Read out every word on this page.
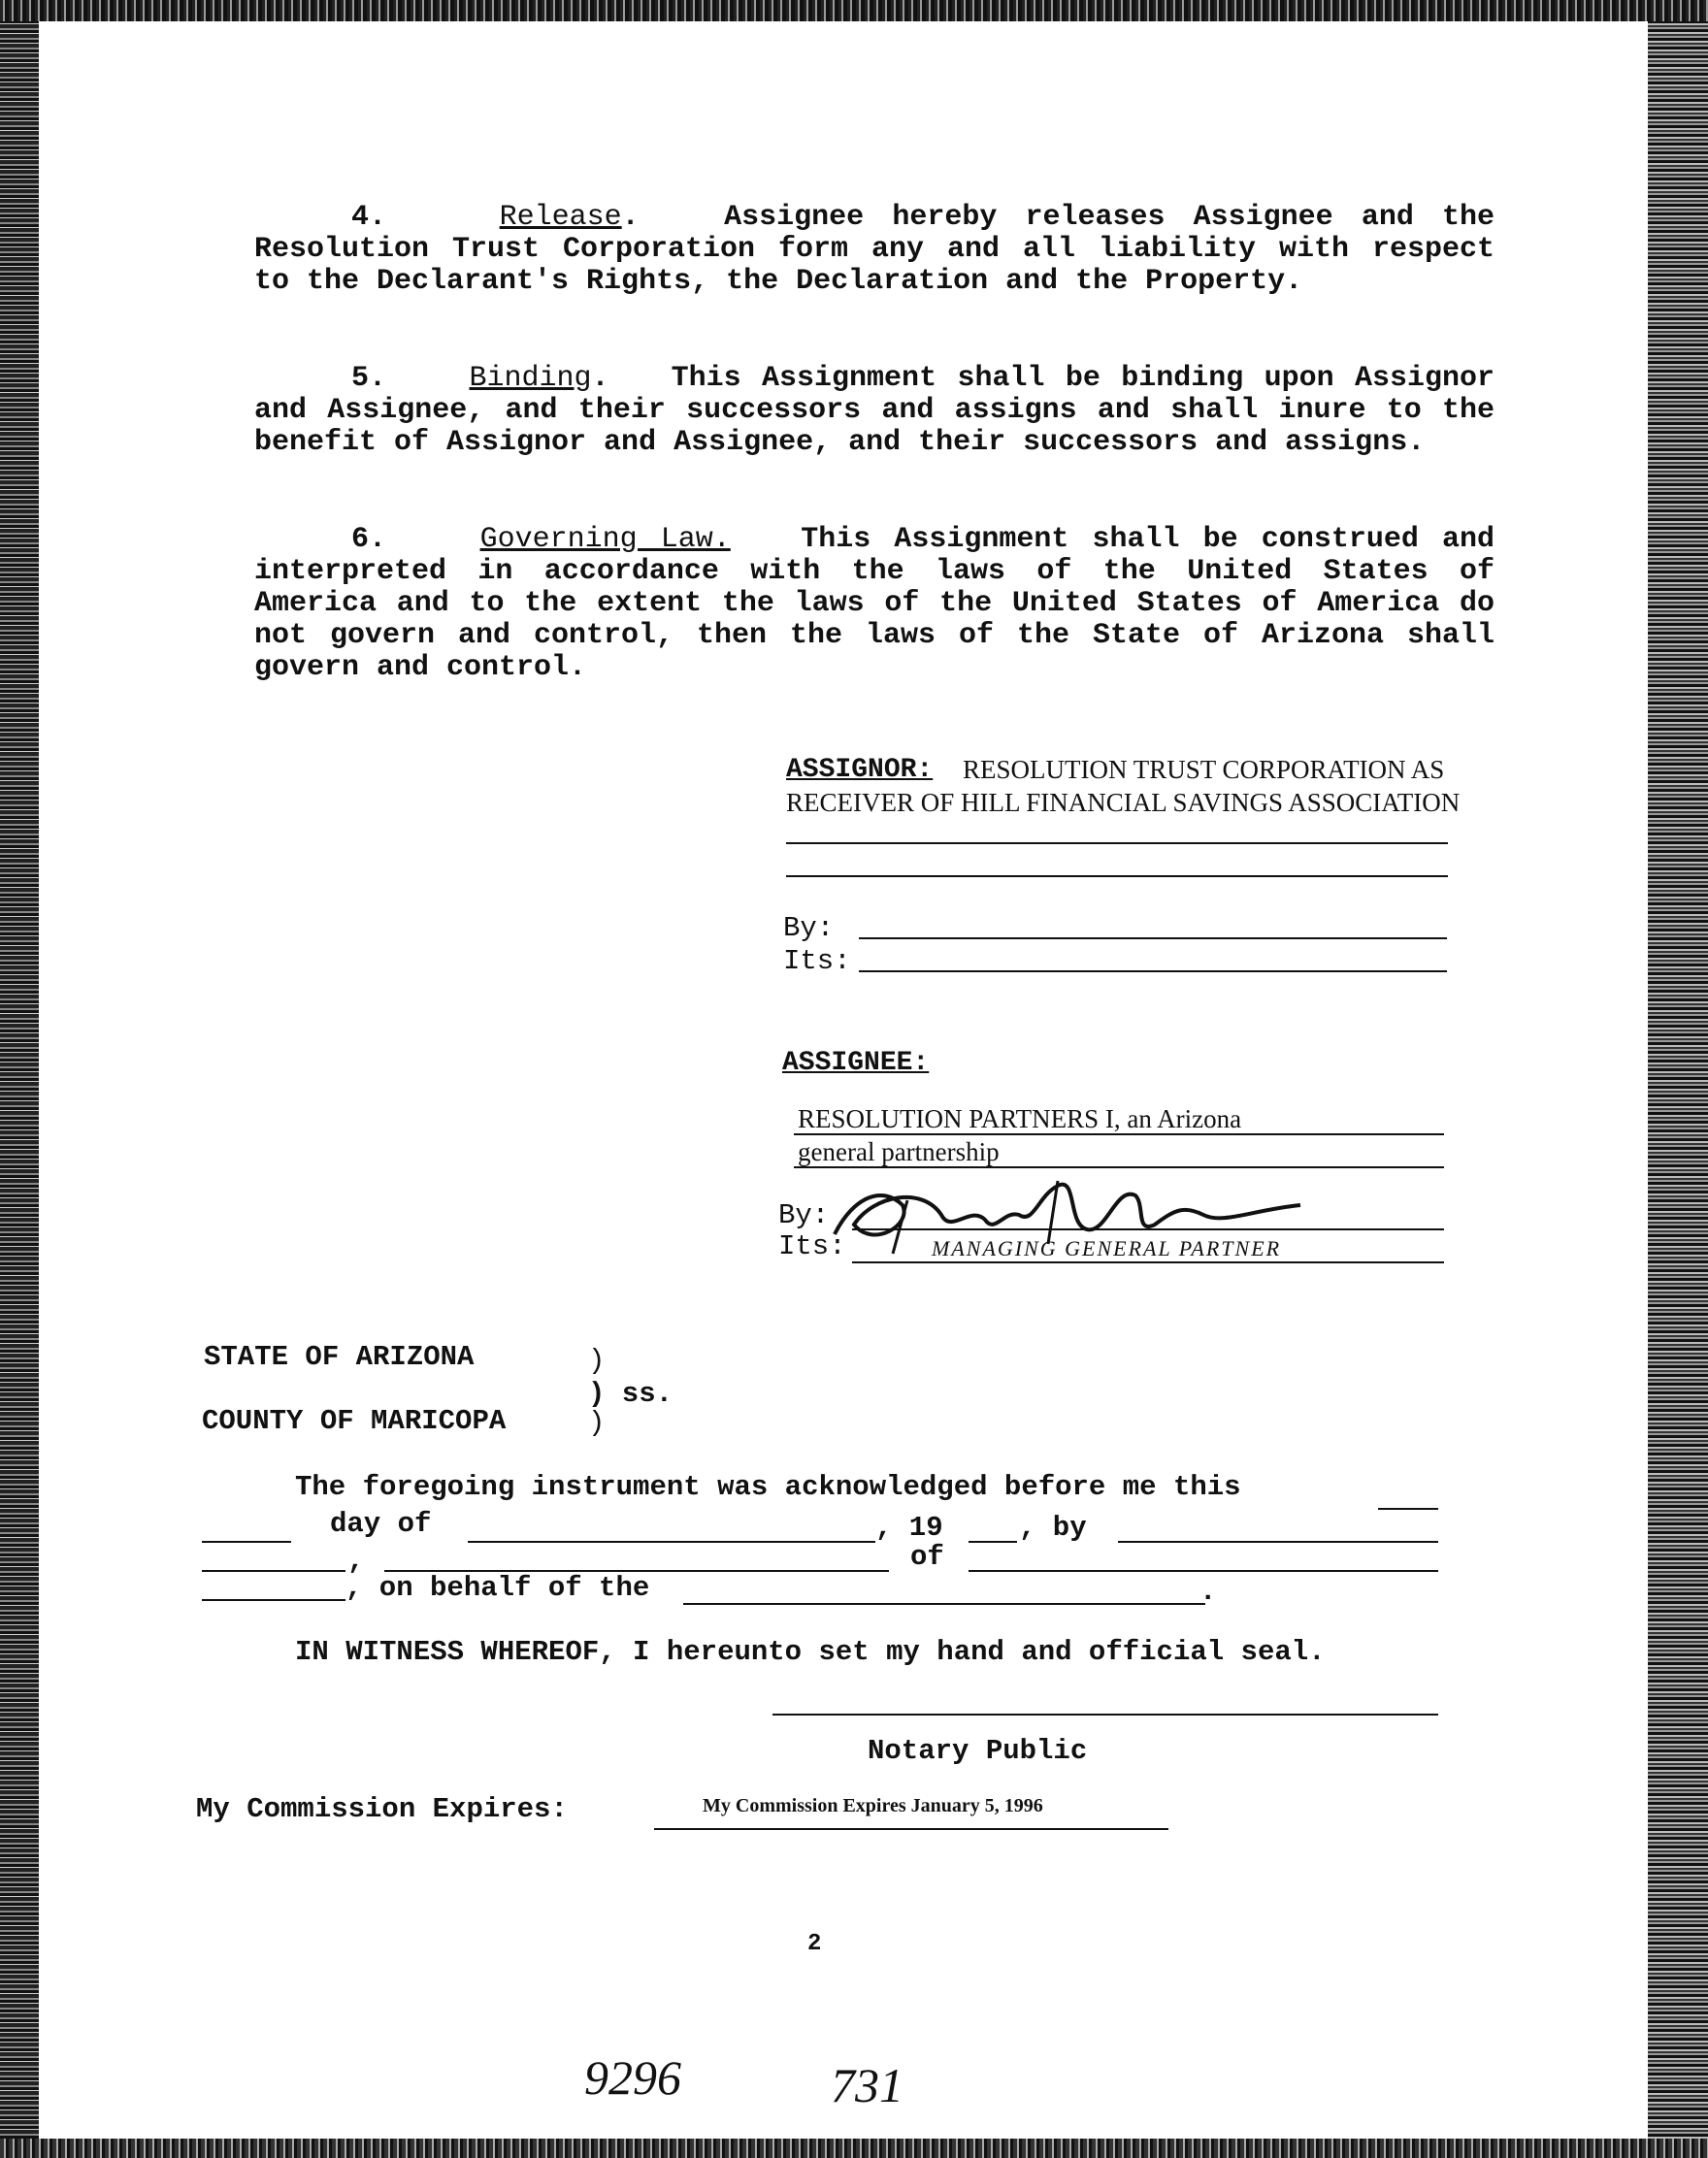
4.	Release.   Assignee hereby releases Assignee and the Resolution Trust Corporation form any and all liability with respect to the Declarant's Rights, the Declaration and the Property.

5.	Binding.   This Assignment shall be binding upon Assignor and Assignee, and their successors and assigns and shall inure to the benefit of Assignor and Assignee, and their successors and assigns.

6.	Governing Law. This Assignment shall be construed and interpreted in accordance with the laws of the United States of America and to the extent the laws of the United States of America do not govern and control, then the laws of the State of Arizona shall govern and control.

ASSIGNOR: RESOLUTION TRUST CORPORATION AS
RECEIVER OF HILL FINANCIAL SAVINGS ASSOCIATION
By:
Its:
ASSIGNEE:
RESOLUTION PARTNERS I, an Arizona
general partnership
By:
Its:	MANAGING GENERAL PARTNER
STATE OF ARIZONA	)
) ss.
COUNTY OF MARICOPA	)
The foregoing instrument was acknowledged before me this
day of	, 19	, by
,	of
, on behalf of the	.
IN WITNESS WHEREOF, I hereunto set my hand and official seal.
Notary Public
My Commission Expires:	My Commission Expires January 5, 1996
2
9296	731
